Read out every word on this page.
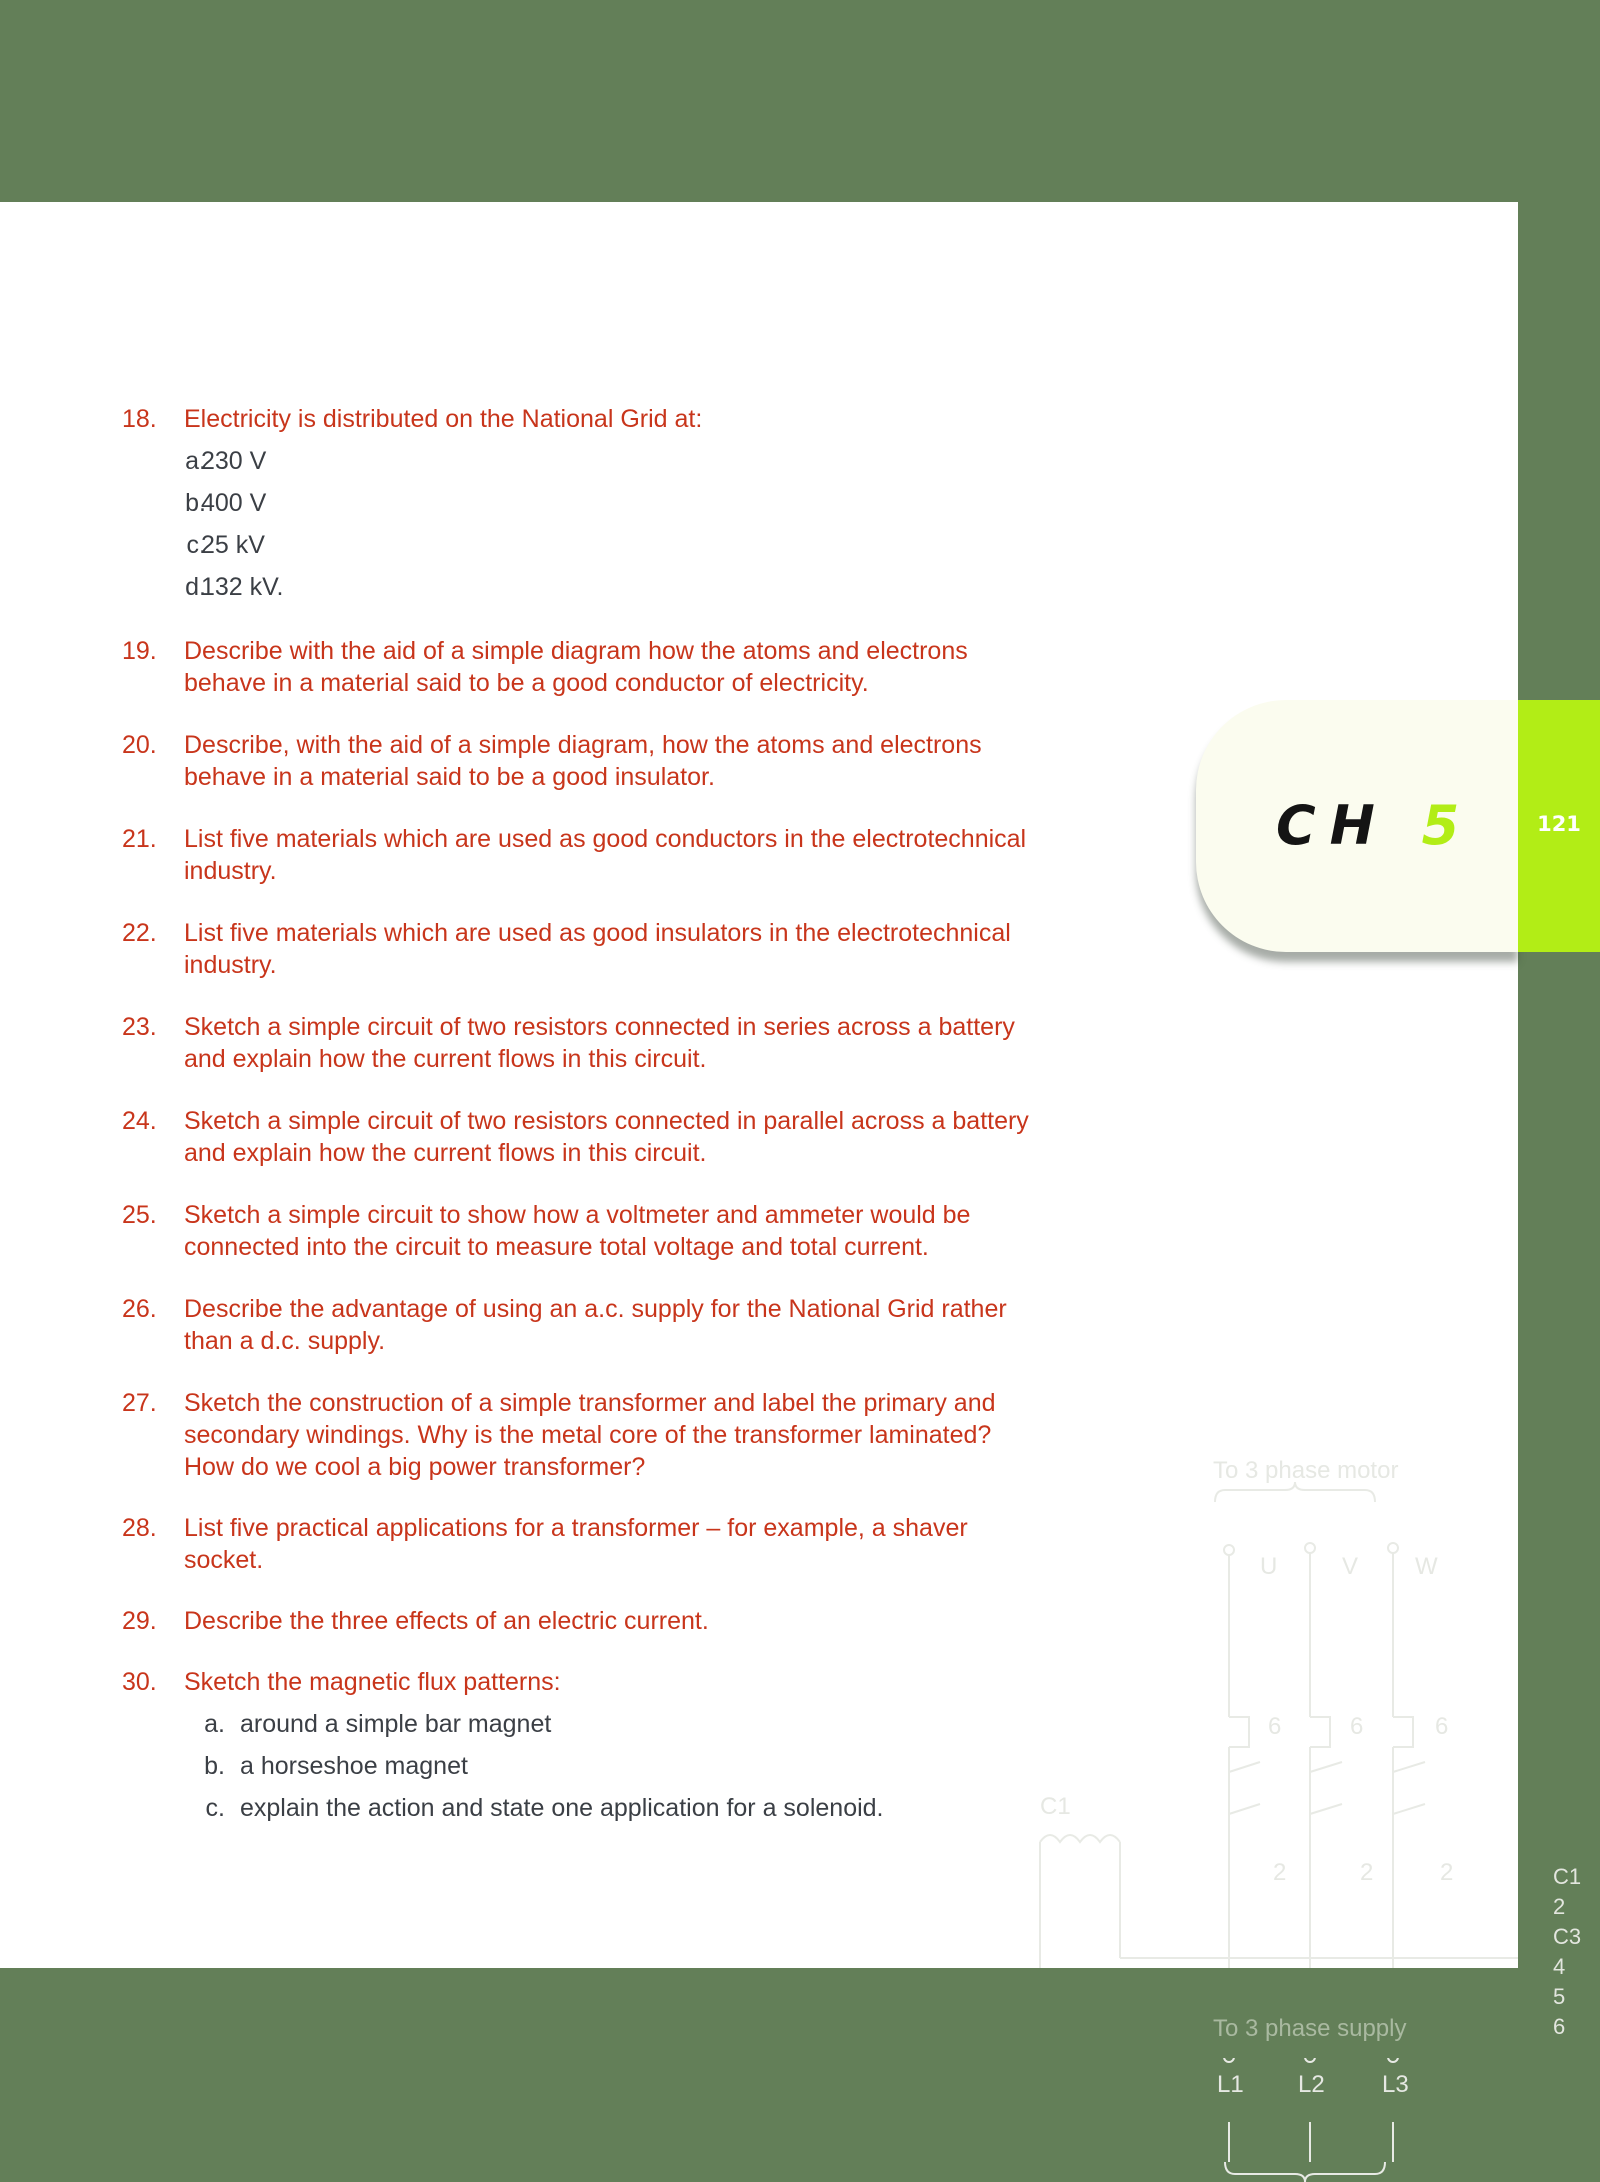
To 3 phase motor
U	V W
6	6	6
C1
2	2	2
L1 L2 L3
18. Electricity is distributed on the National Grid at:
a.
230 V
b.
400 V
c.
25 kV
d.
132 kV.
19. Describe with the aid of a simple diagram how the atoms and electrons behave in a material said to be a good conductor of electricity.
20. Describe, with the aid of a simple diagram, how the atoms and electrons behave in a material said to be a good insulator.
21. List five materials which are used as good conductors in the electrotechnical industry.
22. List five materials which are used as good insulators in the electrotechnical industry.
23. Sketch a simple circuit of two resistors connected in series across a battery and explain how the current flows in this circuit.
24. Sketch a simple circuit of two resistors connected in parallel across a battery and explain how the current flows in this circuit.
25. Sketch a simple circuit to show how a voltmeter and ammeter would be connected into the circuit to measure total voltage and total current.
26. Describe the advantage of using an a.c. supply for the National Grid rather than a d.c. supply.
27. Sketch the construction of a simple transformer and label the primary and secondary windings. Why is the metal core of the transformer laminated? How do we cool a big power transformer?
28. List five practical applications for a transformer – for example, a shaver socket.
29. Describe the three effects of an electric current.
30. Sketch the magnetic flux patterns:
a. around a simple bar magnet
b. a horseshoe magnet
c. explain the action and state one application for a solenoid.
CH 5	121
To 3 phase supply
C1
2
C3
4
5
6
